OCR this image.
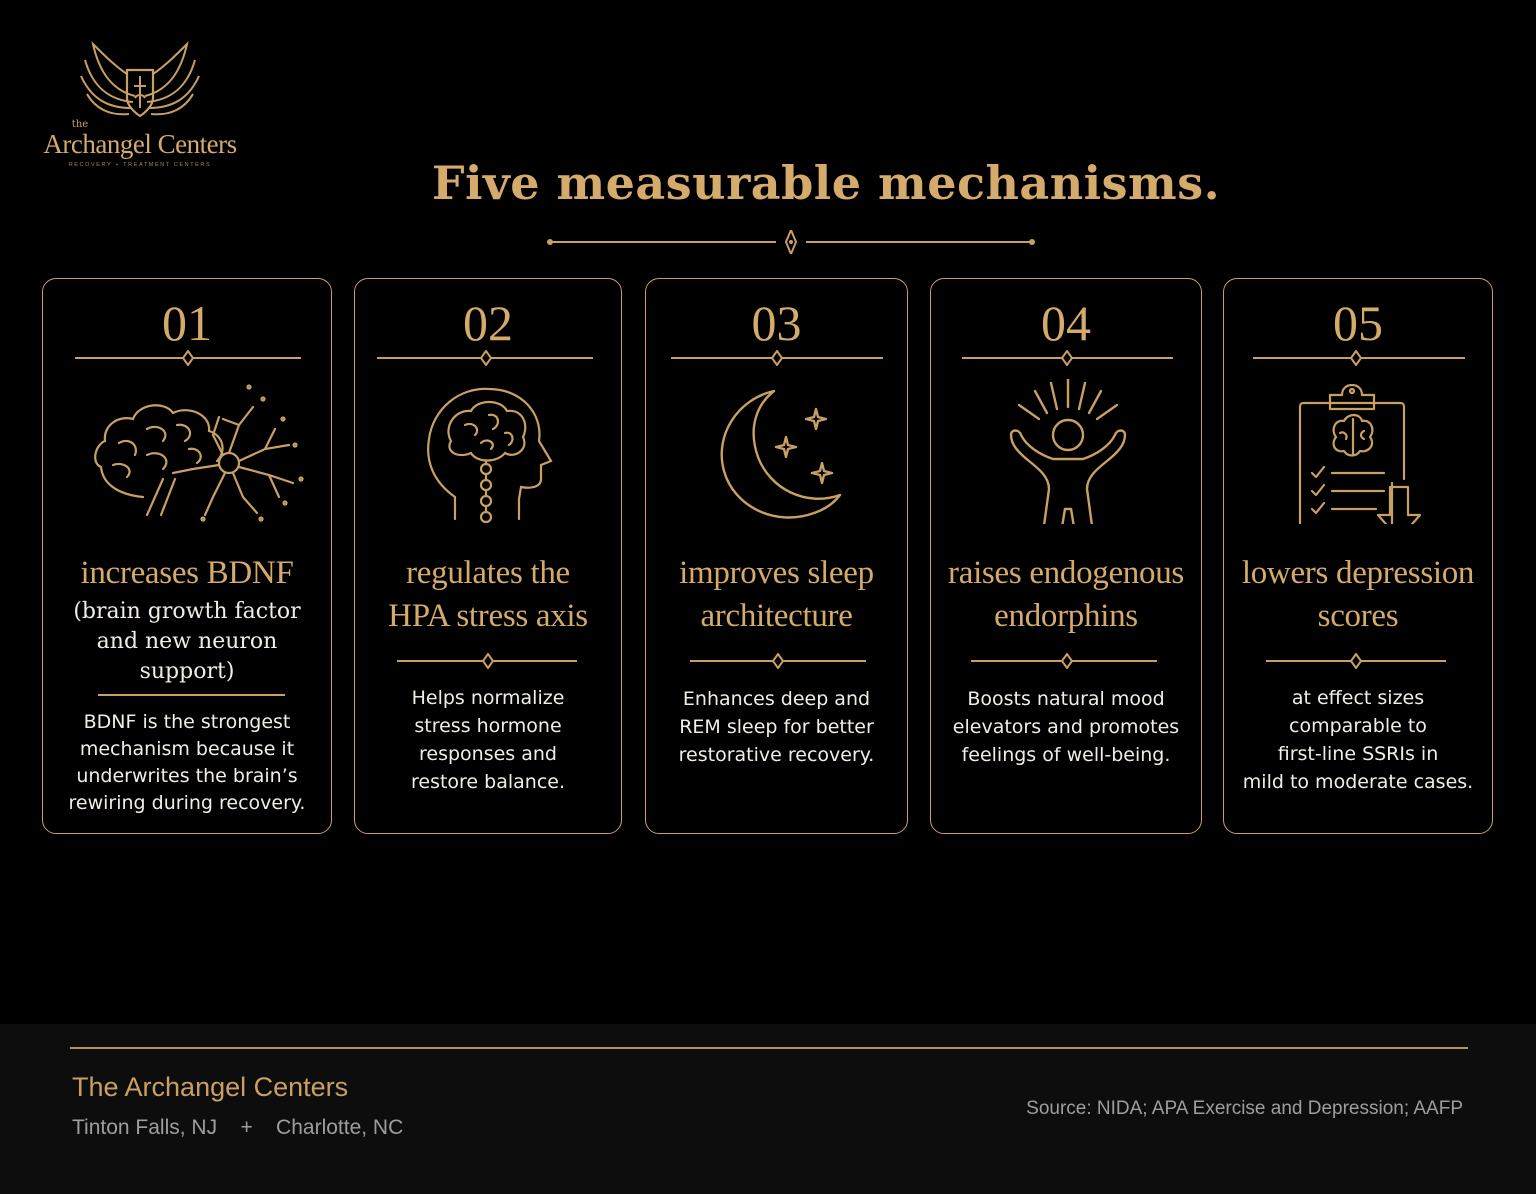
the
Archangel Centers
RECOVERY + TREATMENT CENTERS	Five measurable mechanisms.
01
increases BDNF
(brain growth factor
and new neuron
support)
BDNF is the strongest
mechanism because it
underwrites the brain’s
rewiring during recovery.
02
regulates the
HPA stress axis
Helps normalize
stress hormone
responses and
restore balance.
03
improves sleep
architecture
Enhances deep and
REM sleep for better
restorative recovery.
04
raises endogenous
endorphins
Boosts natural mood
elevators and promotes
feelings of well-being.
05
lowers depression
scores
at effect sizes
comparable to
first-line SSRIs in
mild to moderate cases.
The Archangel Centers
Tinton Falls, NJ + Charlotte, NC
Source: NIDA; APA Exercise and Depression; AAFP
